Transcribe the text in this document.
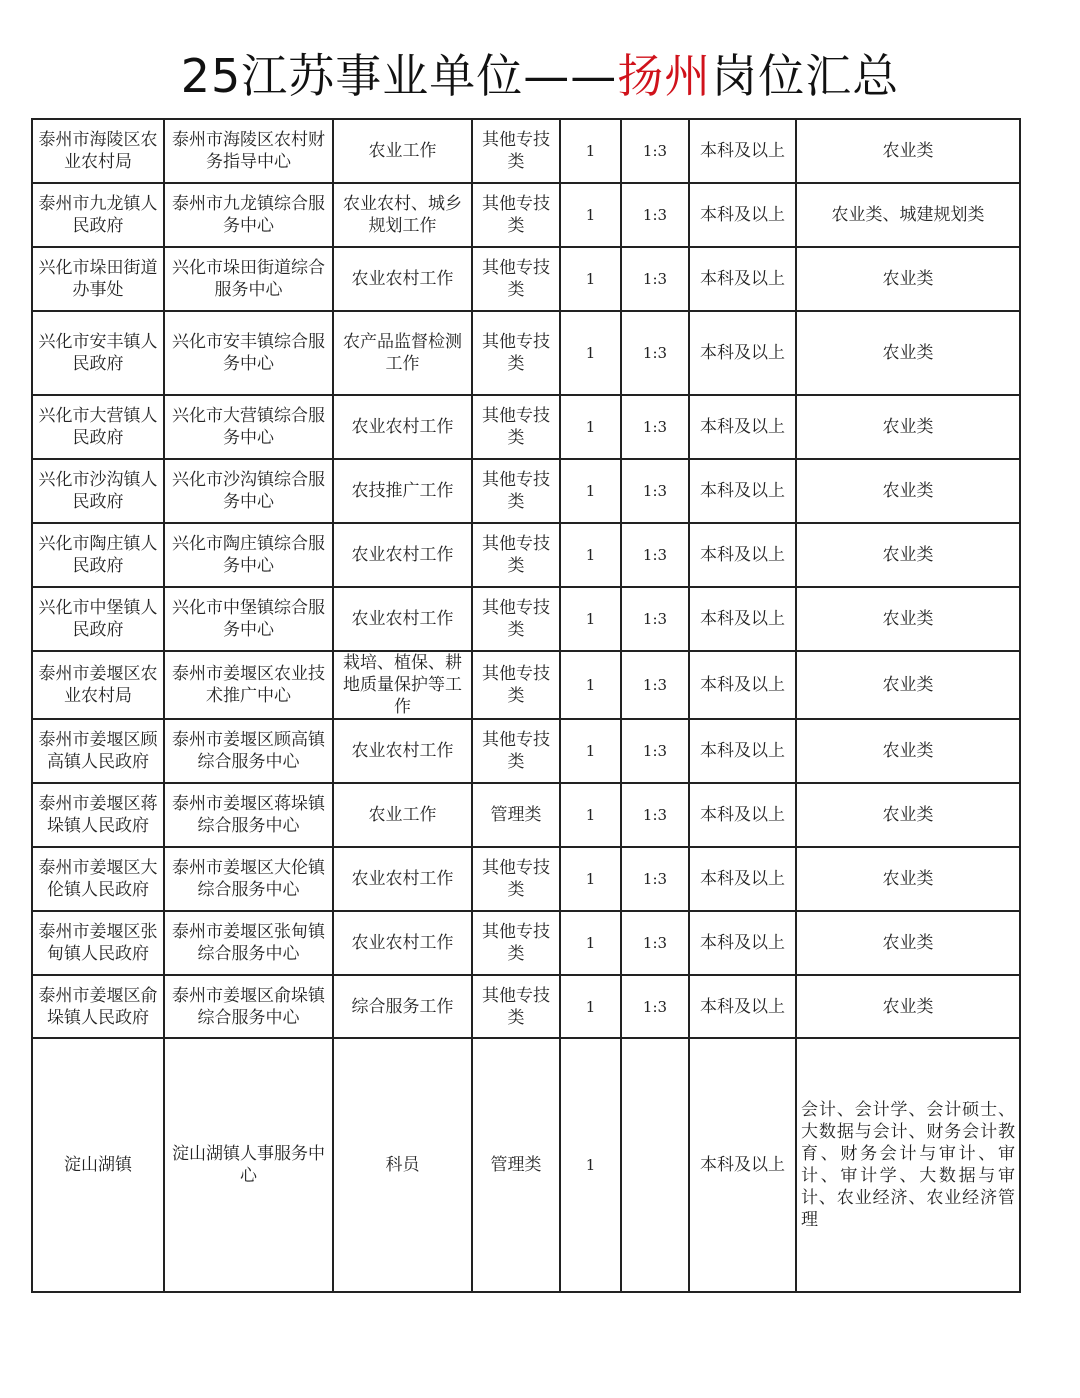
25江苏事业单位——扬州岗位汇总
泰州市海陵区农业农村局	泰州市海陵区农村财务指导中心	农业工作	其他专技类	1	1:3	本科及以上	农业类
泰州市九龙镇人民政府	泰州市九龙镇综合服务中心	农业农村、城乡规划工作	其他专技类	1	1:3	本科及以上	农业类、城建规划类
兴化市垛田街道办事处	兴化市垛田街道综合服务中心	农业农村工作	其他专技类	1	1:3	本科及以上	农业类
兴化市安丰镇人民政府	兴化市安丰镇综合服务中心	农产品监督检测工作	其他专技类	1	1:3	本科及以上	农业类
兴化市大营镇人民政府	兴化市大营镇综合服务中心	农业农村工作	其他专技类	1	1:3	本科及以上	农业类
兴化市沙沟镇人民政府	兴化市沙沟镇综合服务中心	农技推广工作	其他专技类	1	1:3	本科及以上	农业类
兴化市陶庄镇人民政府	兴化市陶庄镇综合服务中心	农业农村工作	其他专技类	1	1:3	本科及以上	农业类
兴化市中堡镇人民政府	兴化市中堡镇综合服务中心	农业农村工作	其他专技类	1	1:3	本科及以上	农业类
泰州市姜堰区农业农村局	泰州市姜堰区农业技术推广中心	栽培、植保、耕地质量保护等工作	其他专技类	1	1:3	本科及以上	农业类
泰州市姜堰区顾高镇人民政府	泰州市姜堰区顾高镇综合服务中心	农业农村工作	其他专技类	1	1:3	本科及以上	农业类
泰州市姜堰区蒋垛镇人民政府	泰州市姜堰区蒋垛镇综合服务中心	农业工作	管理类	1	1:3	本科及以上	农业类
泰州市姜堰区大伦镇人民政府	泰州市姜堰区大伦镇综合服务中心	农业农村工作	其他专技类	1	1:3	本科及以上	农业类
泰州市姜堰区张甸镇人民政府	泰州市姜堰区张甸镇综合服务中心	农业农村工作	其他专技类	1	1:3	本科及以上	农业类
泰州市姜堰区俞垛镇人民政府	泰州市姜堰区俞垛镇综合服务中心	综合服务工作	其他专技类	1	1:3	本科及以上	农业类
淀山湖镇	淀山湖镇人事服务中心	科员	管理类	1		本科及以上	会计、会计学、会计硕士、大数据与会计、财务会计教育、财务会计与审计、审计、审计学、大数据与审计、农业经济、农业经济管理
